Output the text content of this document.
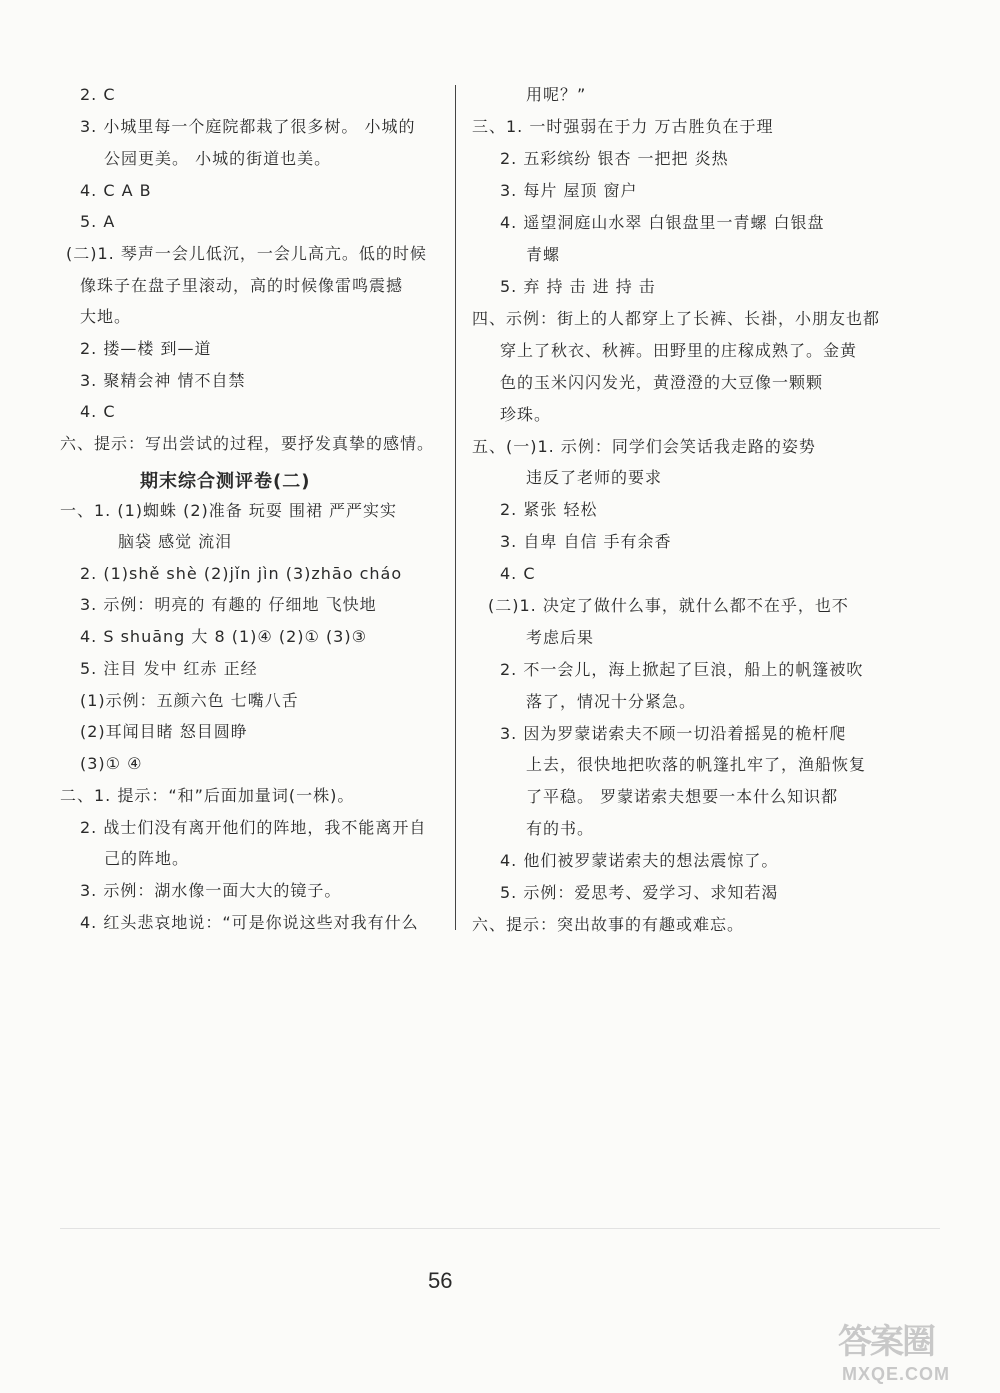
2. C
3. 小城里每一个庭院都栽了很多树。 小城的
公园更美。 小城的街道也美。
4. C A B
5. A
(二)1. 琴声一会儿低沉，一会儿高亢。低的时候
像珠子在盘子里滚动，高的时候像雷鸣震撼
大地。
2. 搂—楼 到—道
3. 聚精会神 情不自禁
4. C
六、提示：写出尝试的过程，要抒发真挚的感情。
期末综合测评卷(二)
一、1. (1)蜘蛛 (2)准备 玩耍 围裙 严严实实
脑袋 感觉 流泪
2. (1)shě shè (2)jǐn jìn (3)zhāo cháo
3. 示例：明亮的 有趣的 仔细地 飞快地
4. S shuāng 大 8 (1)④ (2)① (3)③
5. 注目 发中 红赤 正经
(1)示例：五颜六色 七嘴八舌
(2)耳闻目睹 怒目圆睁
(3)① ④
二、1. 提示：“和”后面加量词(一株)。
2. 战士们没有离开他们的阵地，我不能离开自
己的阵地。
3. 示例：湖水像一面大大的镜子。
4. 红头悲哀地说：“可是你说这些对我有什么
用呢？”
三、1. 一时强弱在于力 万古胜负在于理
2. 五彩缤纷 银杏 一把把 炎热
3. 每片 屋顶 窗户
4. 遥望洞庭山水翠 白银盘里一青螺 白银盘
青螺
5. 弃 持 击 进 持 击
四、示例：街上的人都穿上了长裤、长褂，小朋友也都
穿上了秋衣、秋裤。田野里的庄稼成熟了。金黄
色的玉米闪闪发光，黄澄澄的大豆像一颗颗
珍珠。
五、(一)1. 示例：同学们会笑话我走路的姿势
违反了老师的要求
2. 紧张 轻松
3. 自卑 自信 手有余香
4. C
(二)1. 决定了做什么事，就什么都不在乎，也不
考虑后果
2. 不一会儿，海上掀起了巨浪，船上的帆篷被吹
落了，情况十分紧急。
3. 因为罗蒙诺索夫不顾一切沿着摇晃的桅杆爬
上去，很快地把吹落的帆篷扎牢了，渔船恢复
了平稳。 罗蒙诺索夫想要一本什么知识都
有的书。
4. 他们被罗蒙诺索夫的想法震惊了。
5. 示例：爱思考、爱学习、求知若渴
六、提示：突出故事的有趣或难忘。
56
答案圈
MXQE.COM
